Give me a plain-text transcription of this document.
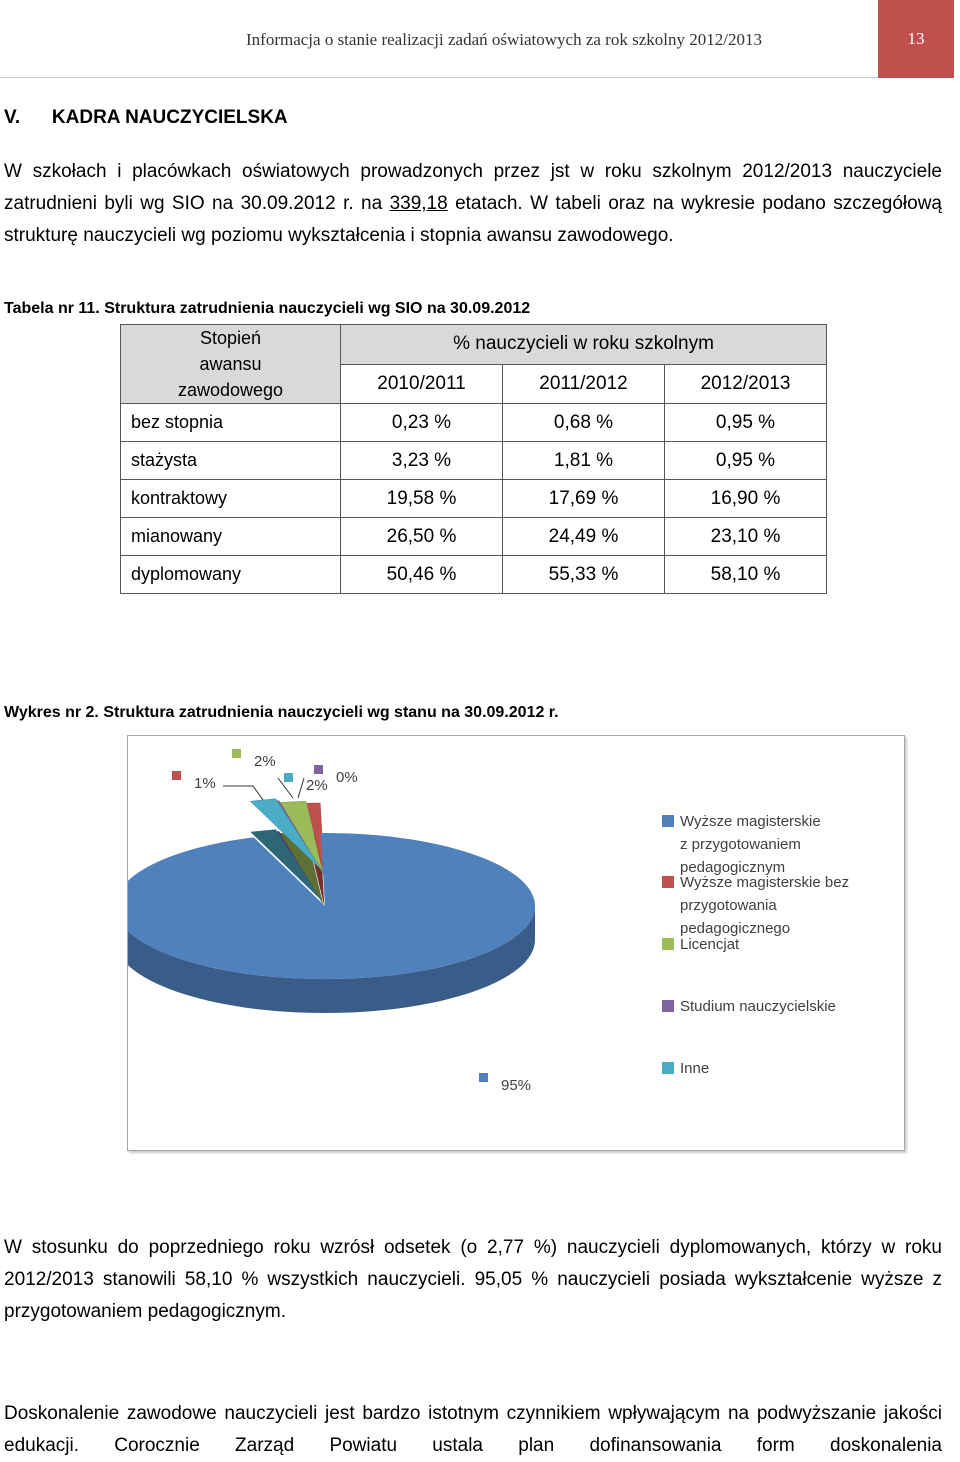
Informacja o stanie realizacji zadań oświatowych za rok szkolny 2012/2013	13
V. KADRA NAUCZYCIELSKA
W szkołach i placówkach oświatowych prowadzonych przez jst w roku szkolnym 2012/2013 nauczyciele zatrudnieni byli wg SIO na 30.09.2012 r. na 339,18 etatach. W tabeli oraz na wykresie podano szczegółową strukturę nauczycieli wg poziomu wykształcenia i stopnia awansu zawodowego.
Tabela nr 11. Struktura zatrudnienia nauczycieli wg SIO na 30.09.2012
Stopień awansu zawodowego	% nauczycieli w roku szkolnym		
	2010/2011	2011/2012	2012/2013
bez stopnia	0,23 %	0,68 %	0,95 %
stażysta	3,23 %	1,81 %	0,95 %
kontraktowy	19,58 %	17,69 %	16,90 %
mianowany	26,50 %	24,49 %	23,10 %
dyplomowany	50,46 %	55,33 %	58,10 %
Wykres nr 2. Struktura zatrudnienia nauczycieli wg stanu na 30.09.2012 r.
95%
1%
2%
0%
2%
Wyższe magisterskie
z przygotowaniem
pedagogicznym
Wyższe magisterskie bez
przygotowania
pedagogicznego
Licencjat
Studium nauczycielskie
Inne
W stosunku do poprzedniego roku wzrósł odsetek (o 2,77 %) nauczycieli dyplomowanych, którzy w roku 2012/2013 stanowili 58,10 % wszystkich nauczycieli. 95,05 % nauczycieli posiada wykształcenie wyższe z przygotowaniem pedagogicznym.
Doskonalenie zawodowe nauczycieli jest bardzo istotnym czynnikiem wpływającym na podwyższanie jakości edukacji. Corocznie Zarząd Powiatu ustala plan dofinansowania form doskonalenia
